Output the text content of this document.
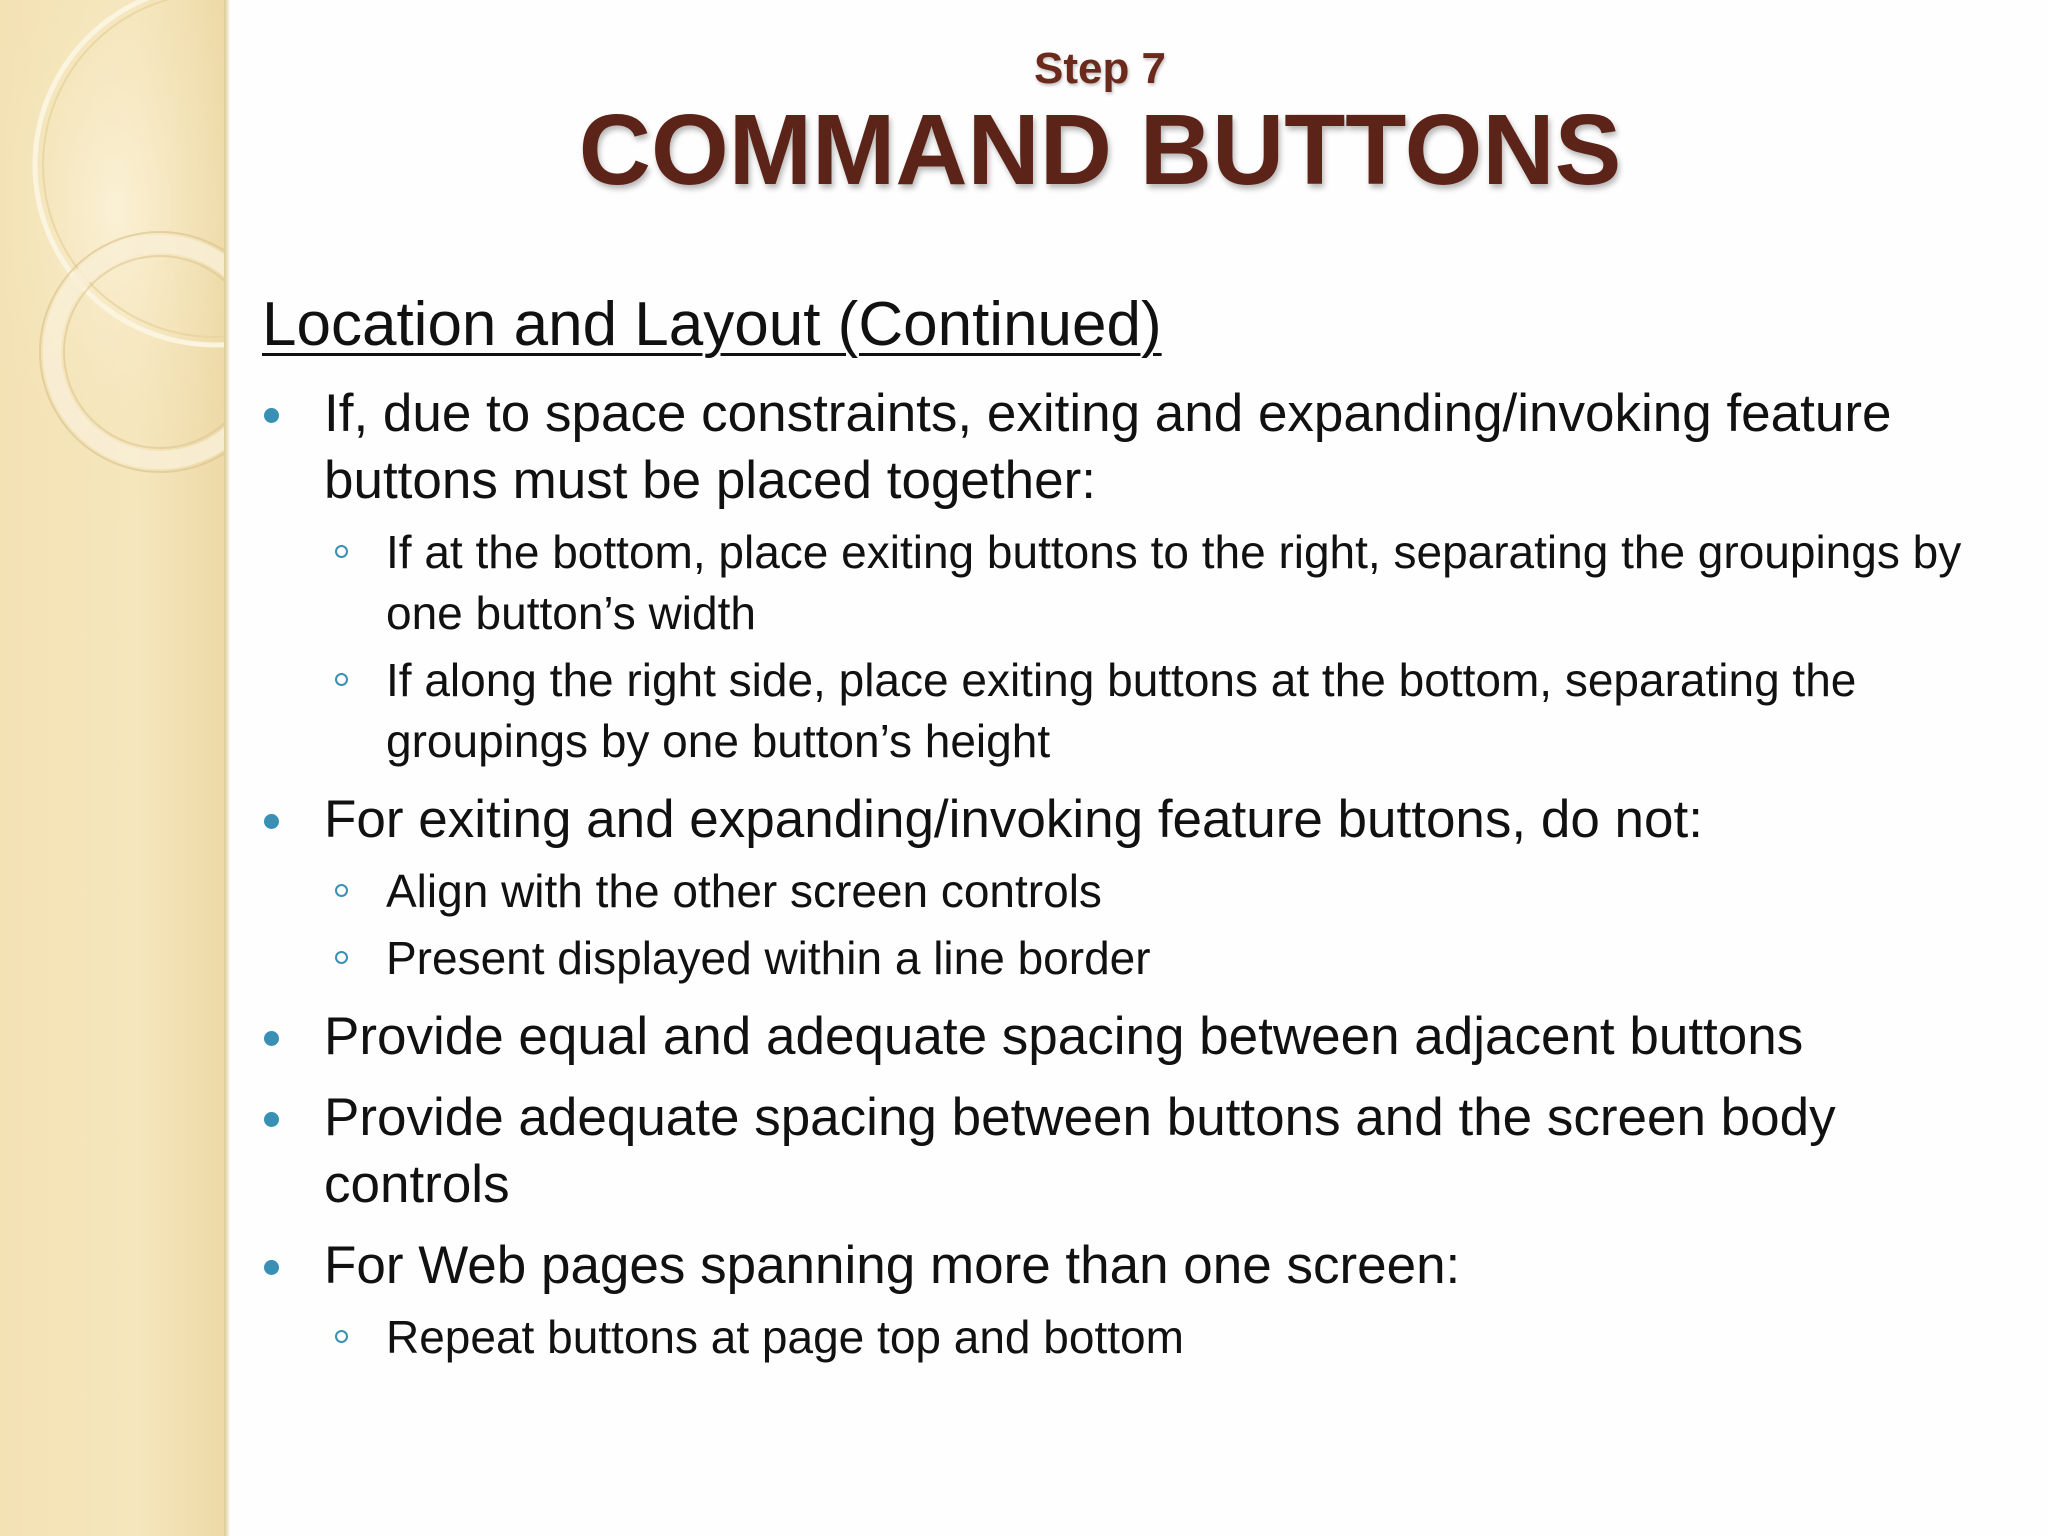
Step 7
COMMAND BUTTONS
Location and Layout (Continued)
If, due to space constraints, exiting and expanding/invoking feature buttons must be placed together:
If at the bottom, place exiting buttons to the right, separating the groupings by one button’s width
If along the right side, place exiting buttons at the bottom, separating the groupings by one button’s height
For exiting and expanding/invoking feature buttons, do not:
Align with the other screen controls
Present displayed within a line border
Provide equal and adequate spacing between adjacent buttons
Provide adequate spacing between buttons and the screen body controls
For Web pages spanning more than one screen:
Repeat buttons at page top and bottom
